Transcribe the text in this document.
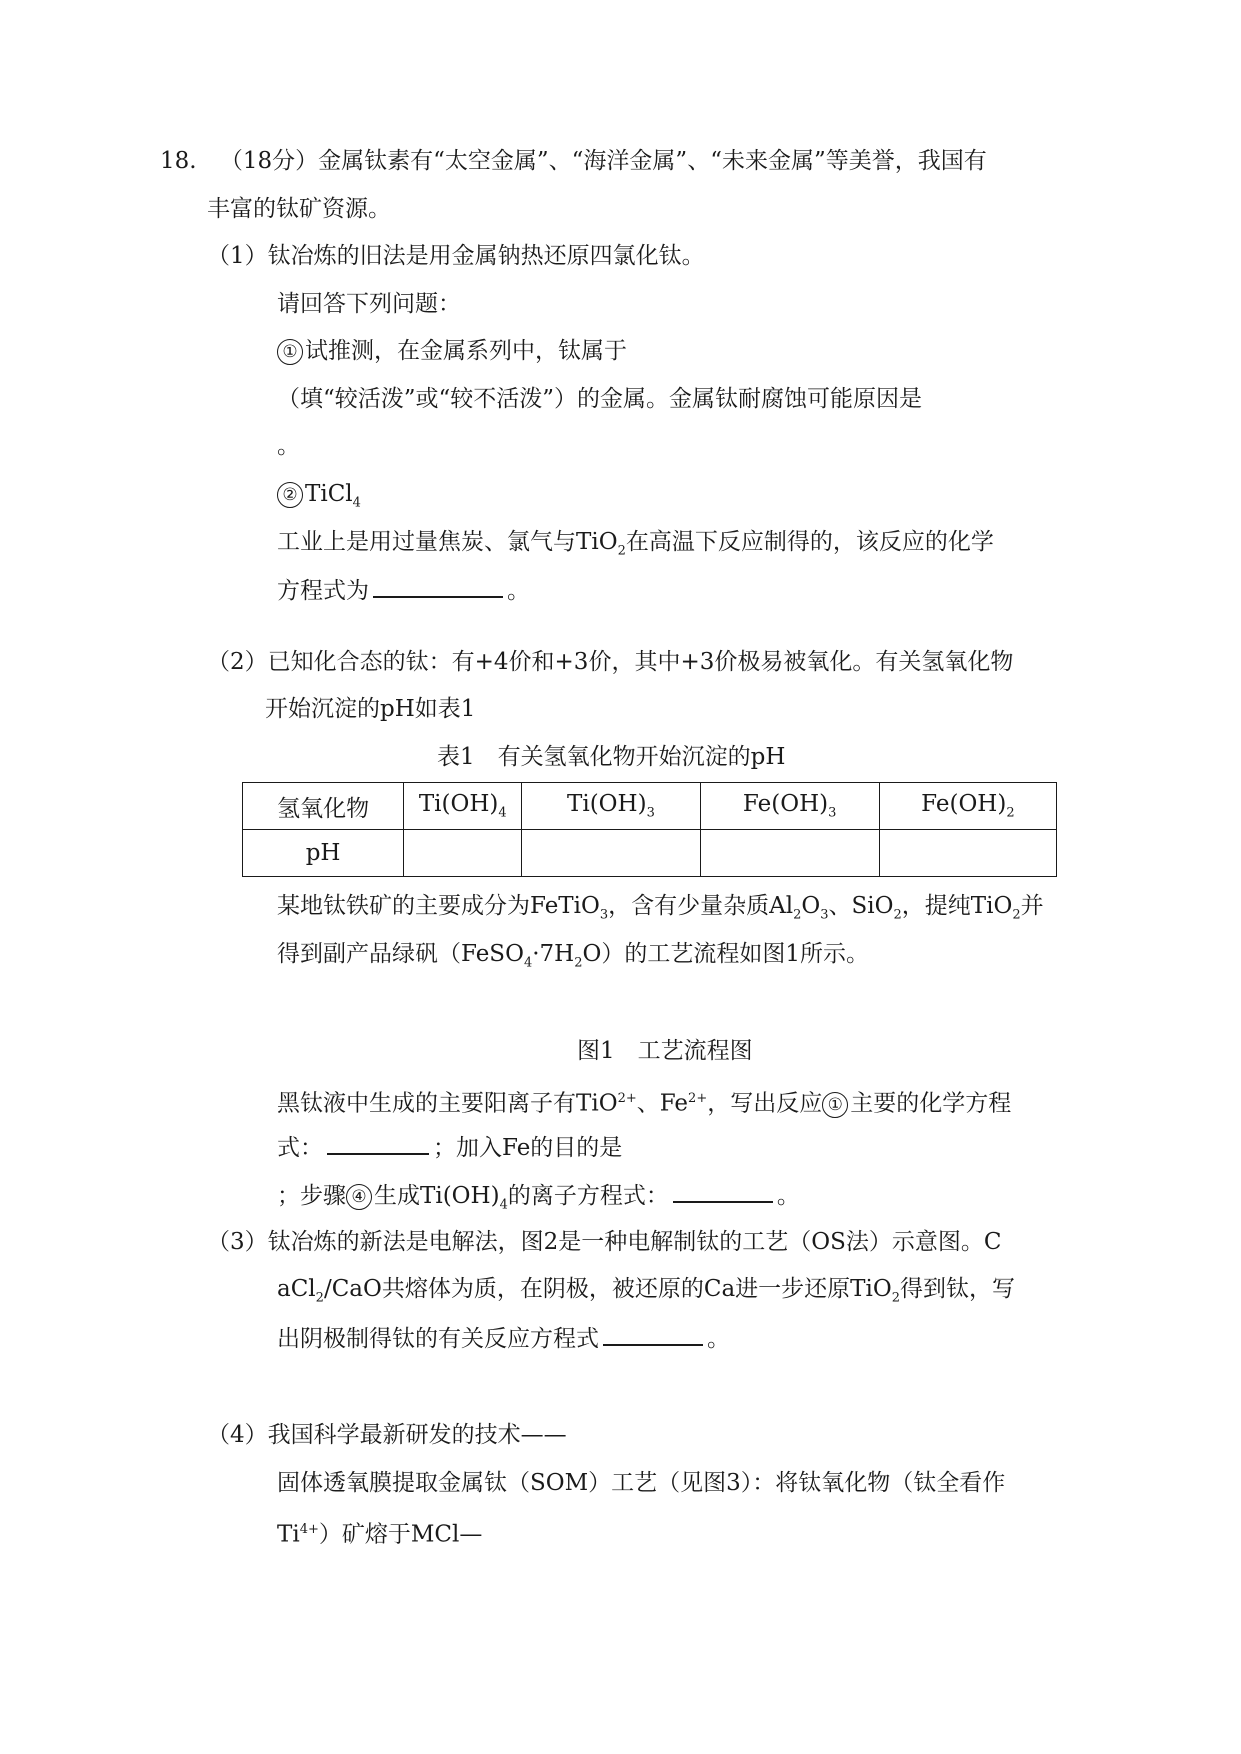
18. （18分）金属钛素有“太空金属”、“海洋金属”、“未来金属”等美誉，我国有
丰富的钛矿资源。
（1）钛冶炼的旧法是用金属钠热还原四氯化钛。
请回答下列问题：
① 试推测，在金属系列中，钛属于
（填“较活泼”或“较不活泼”）的金属。金属钛耐腐蚀可能原因是
。
② TiCl$_4$
工业上是用过量焦炭、氯气与TiO$_2$在高温下反应制得的，该反应的化学
方程式为	。
（2）已知化合态的钛：有+4价和+3价，其中+3价极易被氧化。有关氢氧化物
开始沉淀的pH如表1
表1　有关氢氧化物开始沉淀的pH
氢氧化物	$Ti(OH)_4$	$Ti(OH)_3$	$Fe(OH)_3$	$Fe(OH)_2$
pH				
某地钛铁矿的主要成分为FeTiO$_3$，含有少量杂质$Al_2O_3$、SiO$_2$，提纯TiO$_2$并
得到副产品绿矾$(FeSO_4\cdot 7H_2O)$的工艺流程如图1所示。
图1　工艺流程图
黑钛液中生成的主要阳离子有TiO$^{2+}$、$Fe^{2+}$，写出反应 ① 主要的化学方程
式：	；加入Fe的目的是
；步骤 ④ 生成$Ti(OH)_4$的离子方程式：	。
（3）钛冶炼的新法是电解法，图2是一种电解制钛的工艺（OS法）示意图。C
aCl$_2$/CaO共熔体为质，在阴极，被还原的Ca进一步还原TiO$_2$得到钛，写
出阴极制得钛的有关反应方程式	。
（4）我国科学最新研发的技术——
固体透氧膜提取金属钛（SOM）工艺（见图3）：将钛氧化物（钛全看作
$Ti^{4+}$）矿熔于MCl—
